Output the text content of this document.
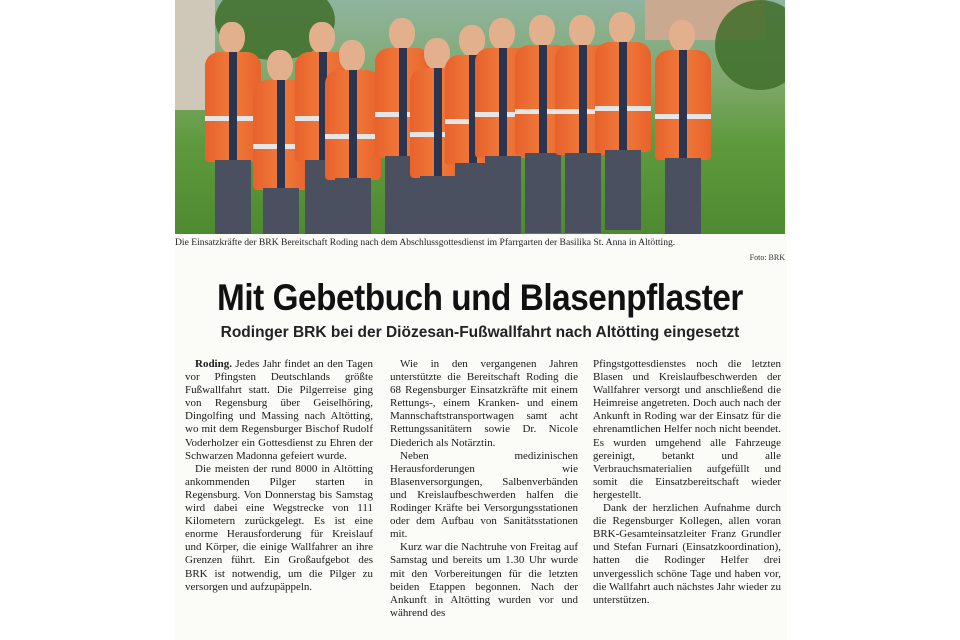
Die Einsatzkräfte der BRK Bereitschaft Roding nach dem Abschlussgottesdienst im Pfarrgarten der Basilika St. Anna in Altötting.
Foto: BRK
Mit Gebetbuch und Blasenpflaster
Rodinger BRK bei der Diözesan-Fußwallfahrt nach Altötting eingesetzt

Roding. Jedes Jahr findet an den Tagen vor Pfingsten Deutschlands größte Fußwallfahrt statt. Die Pilgerreise ging von Regensburg über Geiselhöring, Dingolfing und Massing nach Altötting, wo mit dem Regensburger Bischof Rudolf Voderholzer ein Gottesdienst zu Ehren der Schwarzen Madonna gefeiert wurde.

Die meisten der rund 8000 in Altötting ankommenden Pilger starten in Regensburg. Von Donnerstag bis Samstag wird dabei eine Wegstrecke von 111 Kilometern zurückgelegt. Es ist eine enorme Herausforderung für Kreislauf und Körper, die einige Wallfahrer an ihre Grenzen führt. Ein Großaufgebot des BRK ist notwendig, um die Pilger zu versorgen und aufzupäppeln.

Wie in den vergangenen Jahren unterstützte die Bereitschaft Roding die 68 Regensburger Einsatzkräfte mit einem Rettungs-, einem Kranken- und einem Mannschaftstransportwagen samt acht Rettungssanitätern sowie Dr. Nicole Diederich als Notärztin.

Neben medizinischen Herausforderungen wie Blasenversorgungen, Salbenverbänden und Kreislaufbeschwerden halfen die Rodinger Kräfte bei Versorgungsstationen oder dem Aufbau von Sanitätsstationen mit.

Kurz war die Nachtruhe von Freitag auf Samstag und bereits um 1.30 Uhr wurde mit den Vorbereitungen für die letzten beiden Etappen begonnen. Nach der Ankunft in Altötting wurden vor und während des

Pfingstgottesdienstes noch die letzten Blasen und Kreislaufbeschwerden der Wallfahrer versorgt und anschließend die Heimreise angetreten. Doch auch nach der Ankunft in Roding war der Einsatz für die ehrenamtlichen Helfer noch nicht beendet. Es wurden umgehend alle Fahrzeuge gereinigt, betankt und alle Verbrauchsmaterialien aufgefüllt und somit die Einsatzbereitschaft wieder hergestellt.

Dank der herzlichen Aufnahme durch die Regensburger Kollegen, allen voran BRK-Gesamteinsatzleiter Franz Grundler und Stefan Furnari (Einsatzkoordination), hatten die Rodinger Helfer drei unvergesslich schöne Tage und haben vor, die Wallfahrt auch nächstes Jahr wieder zu unterstützen.
